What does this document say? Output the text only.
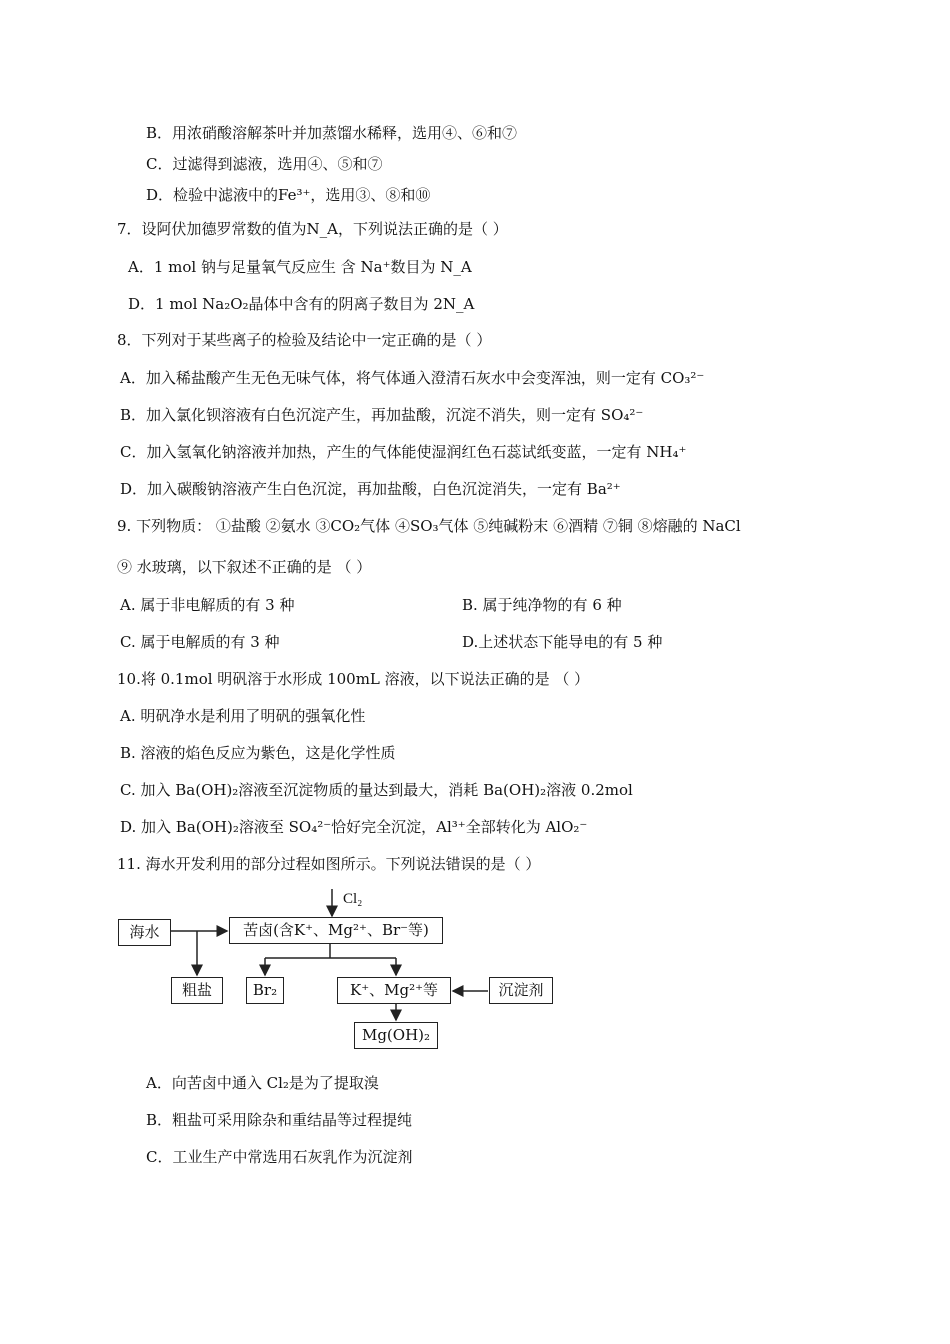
B．用浓硝酸溶解茶叶并加蒸馏水稀释，选用④、⑥和⑦
C．过滤得到滤液，选用④、⑤和⑦
D．检验中滤液中的Fe³⁺，选用③、⑧和⑩
7．设阿伏加德罗常数的值为N_A，下列说法正确的是（ ）
A．1 mol 钠与足量氧气反应生 含 Na⁺数目为 N_A
D．1 mol Na₂O₂晶体中含有的阴离子数目为 2N_A
8．下列对于某些离子的检验及结论中一定正确的是（ ）
A．加入稀盐酸产生无色无味气体，将气体通入澄清石灰水中会变浑浊，则一定有 CO₃²⁻
B．加入氯化钡溶液有白色沉淀产生，再加盐酸，沉淀不消失，则一定有 SO₄²⁻
C．加入氢氧化钠溶液并加热，产生的气体能使湿润红色石蕊试纸变蓝，一定有 NH₄⁺
D．加入碳酸钠溶液产生白色沉淀，再加盐酸，白色沉淀消失，一定有 Ba²⁺
9. 下列物质： ①盐酸 ②氨水 ③CO₂气体 ④SO₃气体 ⑤纯碱粉末 ⑥酒精 ⑦铜 ⑧熔融的 NaCl
⑨ 水玻璃，以下叙述不正确的是 （ ）
A. 属于非电解质的有 3 种	B. 属于纯净物的有 6 种
C. 属于电解质的有 3 种	D.上述状态下能导电的有 5 种
10.将 0.1mol 明矾溶于水形成 100mL 溶液，以下说法正确的是 （ ）
A. 明矾净水是利用了明矾的强氧化性
B. 溶液的焰色反应为紫色，这是化学性质
C. 加入 Ba(OH)₂溶液至沉淀物质的量达到最大，消耗 Ba(OH)₂溶液 0.2mol
D. 加入 Ba(OH)₂溶液至 SO₄²⁻恰好完全沉淀，Al³⁺全部转化为 AlO₂⁻
11. 海水开发利用的部分过程如图所示。下列说法错误的是（ ）
Cl₂
海水	苦卤(含K⁺、Mg²⁺、Br⁻等)
粗盐	Br₂	K⁺、Mg²⁺等	沉淀剂
Mg(OH)₂
A．向苦卤中通入 Cl₂是为了提取溴
B．粗盐可采用除杂和重结晶等过程提纯
C．工业生产中常选用石灰乳作为沉淀剂
